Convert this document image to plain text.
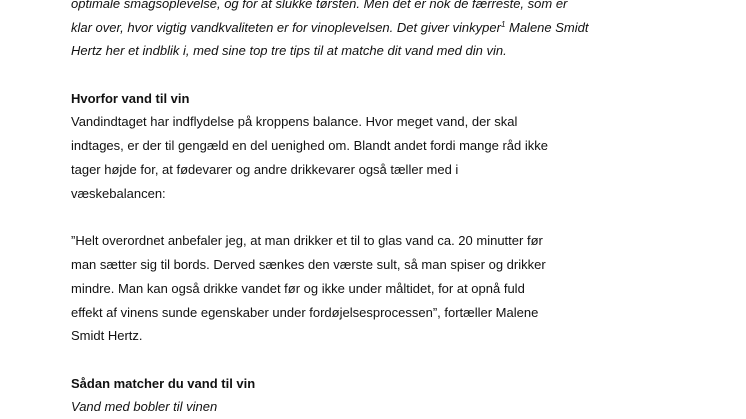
optimale smagsoplevelse, og for at slukke tørsten. Men det er nok de færreste, som er
klar over, hvor vigtig vandkvaliteten er for vinoplevelsen. Det giver vinkyper$^1$ Malene Smidt
Hertz her et indblik i, med sine top tre tips til at matche dit vand med din vin.
Hvorfor vand til vin
Vandindtaget har indflydelse på kroppens balance. Hvor meget vand, der skal
indtages, er der til gengæld en del uenighed om. Blandt andet fordi mange råd ikke
tager højde for, at fødevarer og andre drikkevarer også tæller med i
væskebalancen:
”Helt overordnet anbefaler jeg, at man drikker et til to glas vand ca. 20 minutter før
man sætter sig til bords. Derved sænkes den værste sult, så man spiser og drikker
mindre. Man kan også drikke vandet før og ikke under måltidet, for at opnå fuld
effekt af vinens sunde egenskaber under fordøjelsesprocessen”, fortæller Malene
Smidt Hertz.
Sådan matcher du vand til vin
Vand med bobler til vinen
